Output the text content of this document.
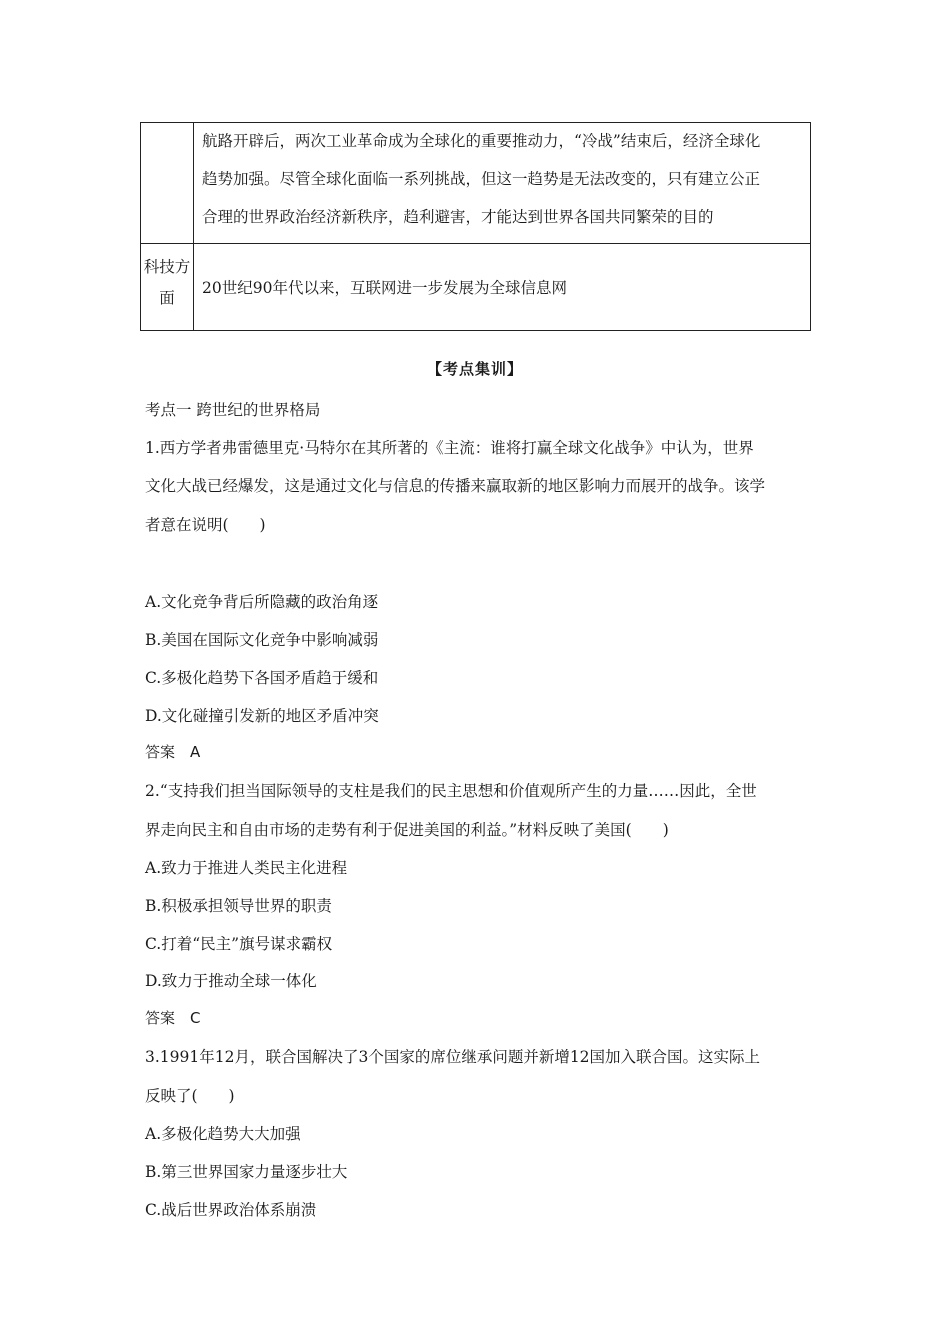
	航路开辟后，两次工业革命成为全球化的重要推动力，“冷战”结束后，经济全球化
趋势加强。尽管全球化面临一系列挑战，但这一趋势是无法改变的，只有建立公正
合理的世界政治经济新秩序，趋利避害，才能达到世界各国共同繁荣的目的

科技方
面	20世纪90年代以来，互联网进一步发展为全球信息网
【考点集训】
考点一 跨世纪的世界格局
1.西方学者弗雷德里克·马特尔在其所著的《主流：谁将打赢全球文化战争》中认为，世界
文化大战已经爆发，这是通过文化与信息的传播来赢取新的地区影响力而展开的战争。该学
者意在说明(　　)
A.文化竞争背后所隐藏的政治角逐
B.美国在国际文化竞争中影响减弱
C.多极化趋势下各国矛盾趋于缓和
D.文化碰撞引发新的地区矛盾冲突
答案　A
2.“支持我们担当国际领导的支柱是我们的民主思想和价值观所产生的力量……因此，全世
界走向民主和自由市场的走势有利于促进美国的利益。”材料反映了美国(　　)
A.致力于推进人类民主化进程
B.积极承担领导世界的职责
C.打着“民主”旗号谋求霸权
D.致力于推动全球一体化
答案　C
3.1991年12月，联合国解决了3个国家的席位继承问题并新增12国加入联合国。这实际上
反映了(　　)
A.多极化趋势大大加强
B.第三世界国家力量逐步壮大
C.战后世界政治体系崩溃
